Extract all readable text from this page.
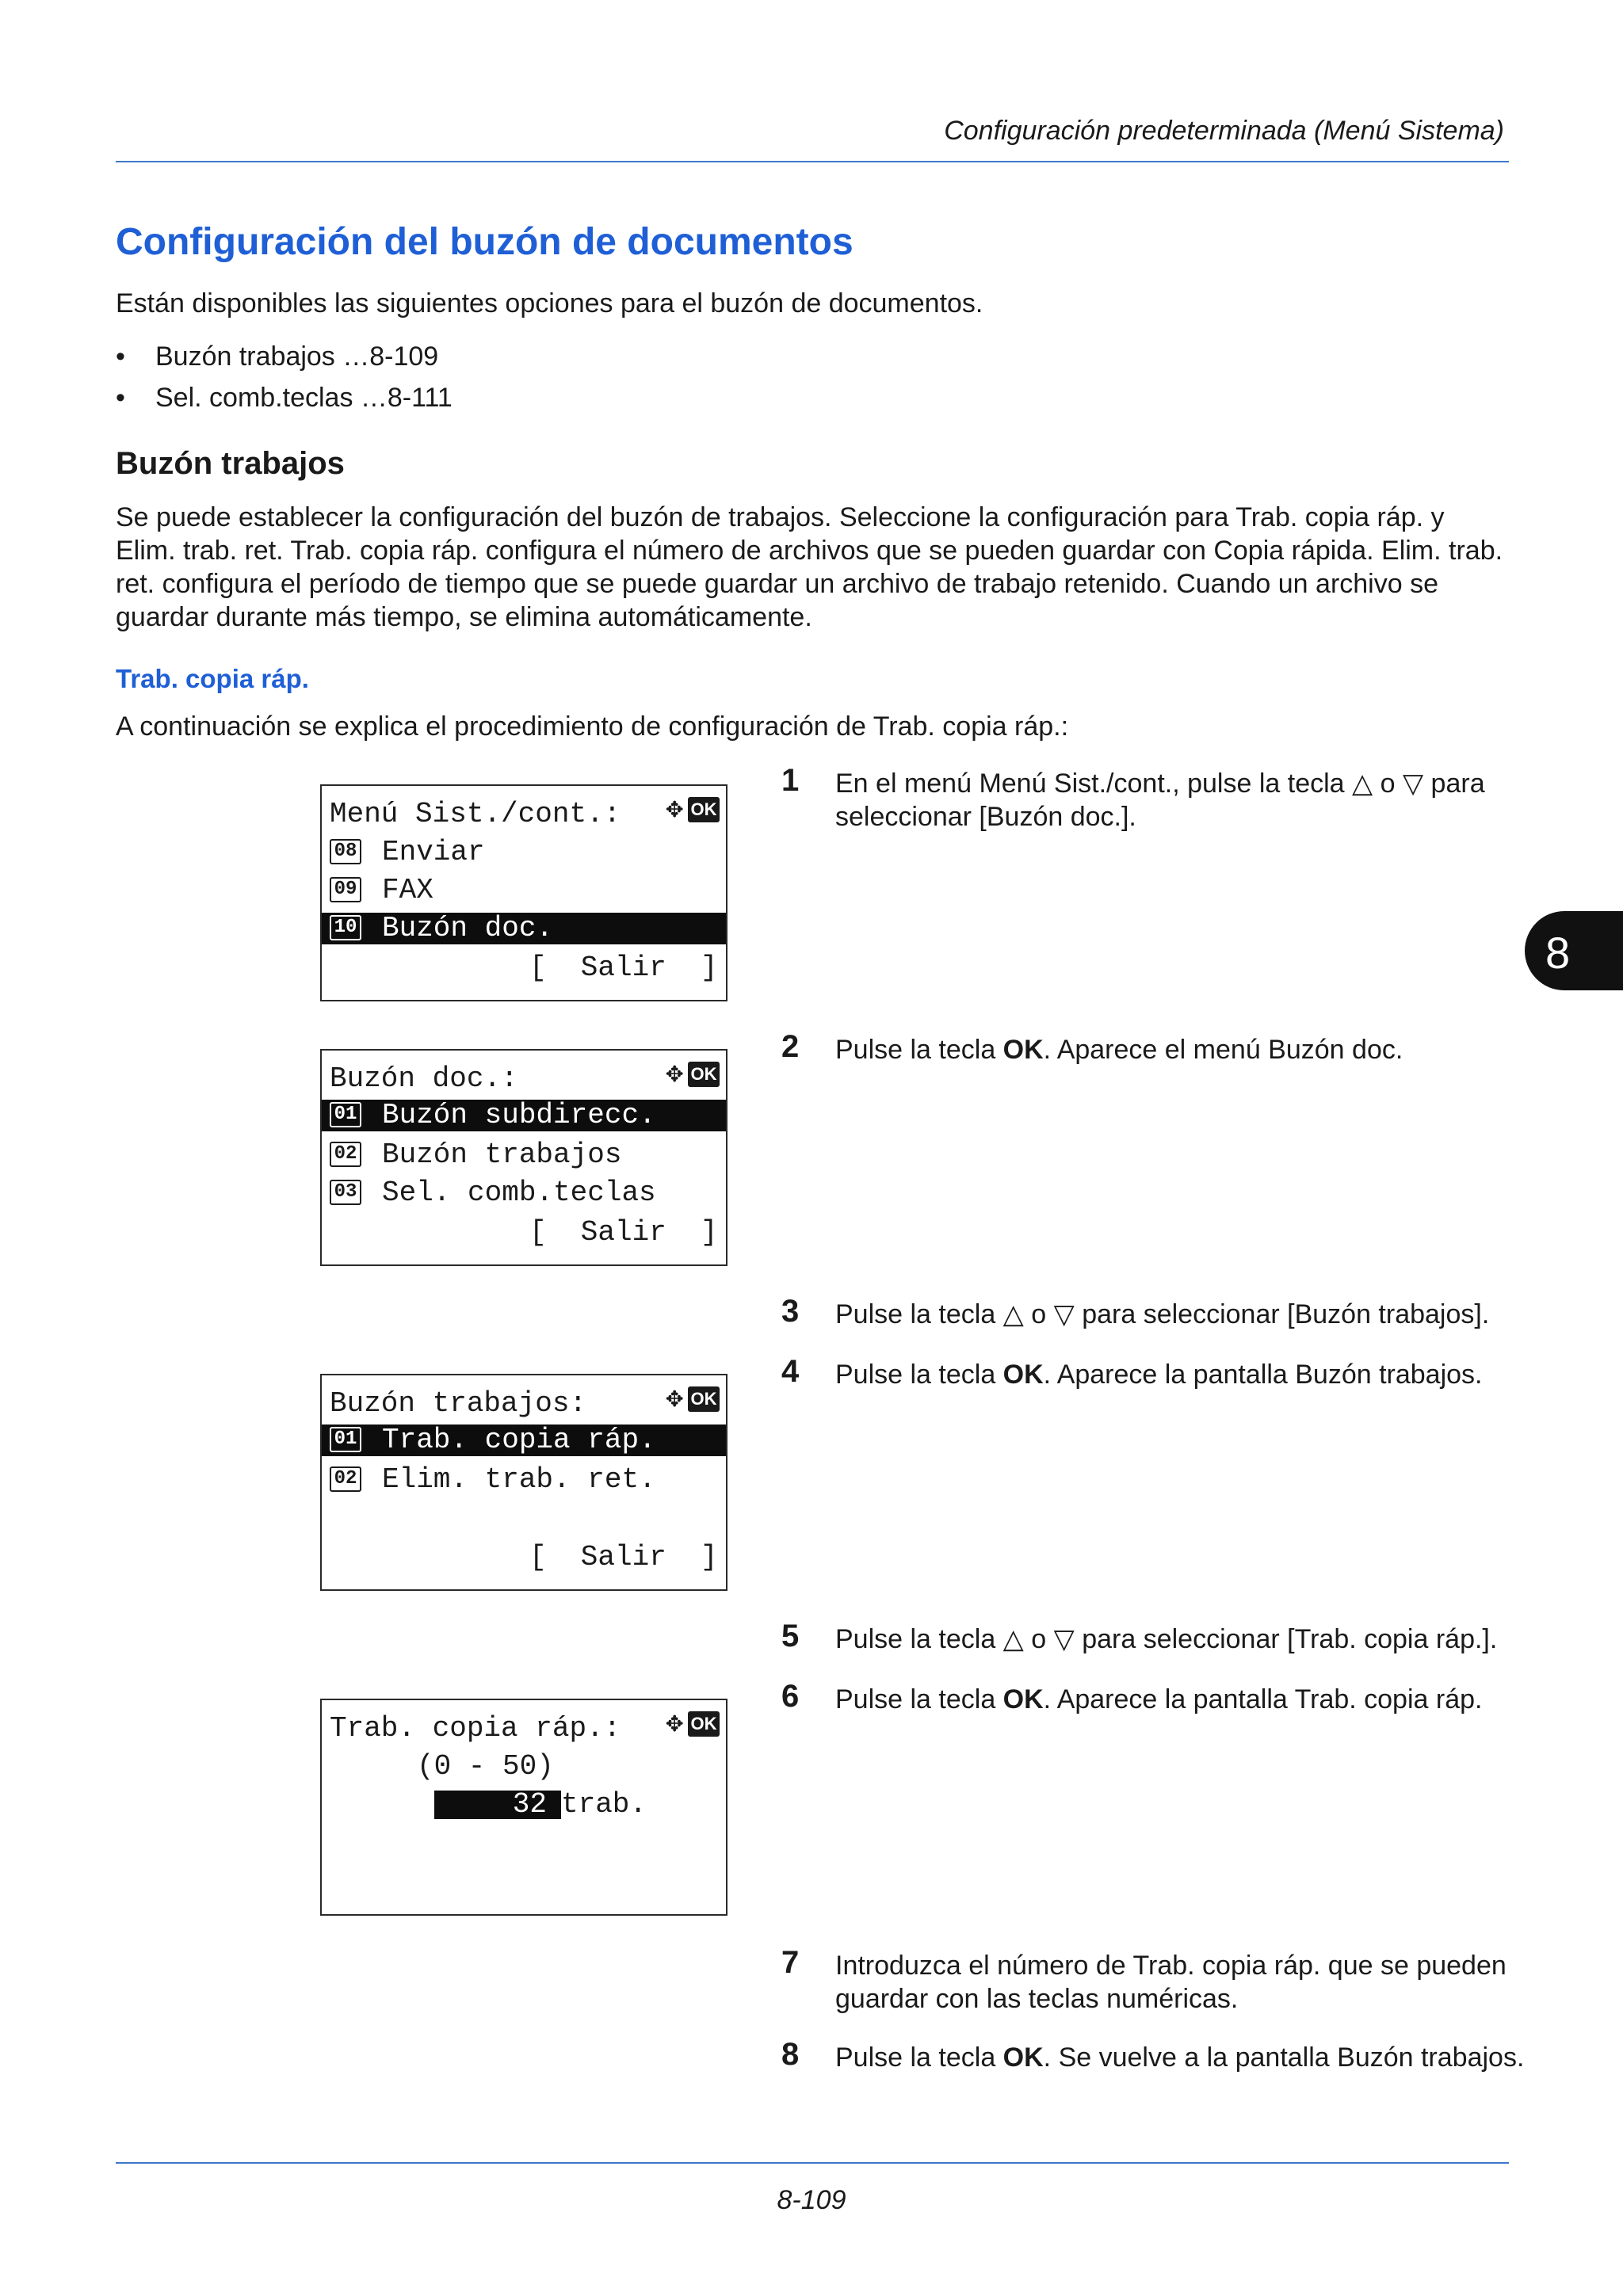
Configuración predeterminada (Menú Sistema)
Configuración del buzón de documentos
Están disponibles las siguientes opciones para el buzón de documentos.
• Buzón trabajos …8-109
• Sel. comb.teclas …8-111
Buzón trabajos
Se puede establecer la configuración del buzón de trabajos. Seleccione la configuración para Trab. copia ráp. y Elim. trab. ret. Trab. copia ráp. configura el número de archivos que se pueden guardar con Copia rápida. Elim. trab. ret. configura el período de tiempo que se puede guardar un archivo de trabajo retenido. Cuando un archivo se guardar durante más tiempo, se elimina automáticamente.
Trab. copia ráp.
A continuación se explica el procedimiento de configuración de Trab. copia ráp.:
Menú Sist./cont.:	✥ OK
08 Enviar
09 FAX
10 Buzón doc.
[  Salir  ]
Buzón doc.:	✥ OK
01 Buzón subdirecc.
02 Buzón trabajos
03 Sel. comb.teclas
[  Salir  ]
Buzón trabajos:	✥ OK
01 Trab. copia ráp.
02 Elim. trab. ret.
[  Salir  ]
Trab. copia ráp.:	✥ OK
(0 - 50)
32 trab.
1 En el menú Menú Sist./cont., pulse la tecla △ o ▽ para seleccionar [Buzón doc.].
2 Pulse la tecla OK. Aparece el menú Buzón doc.
3 Pulse la tecla △ o ▽ para seleccionar [Buzón trabajos].
4 Pulse la tecla OK. Aparece la pantalla Buzón trabajos.
5 Pulse la tecla △ o ▽ para seleccionar [Trab. copia ráp.].
6 Pulse la tecla OK. Aparece la pantalla Trab. copia ráp.
7 Introduzca el número de Trab. copia ráp. que se pueden guardar con las teclas numéricas.
8 Pulse la tecla OK. Se vuelve a la pantalla Buzón trabajos.
8
8-109
